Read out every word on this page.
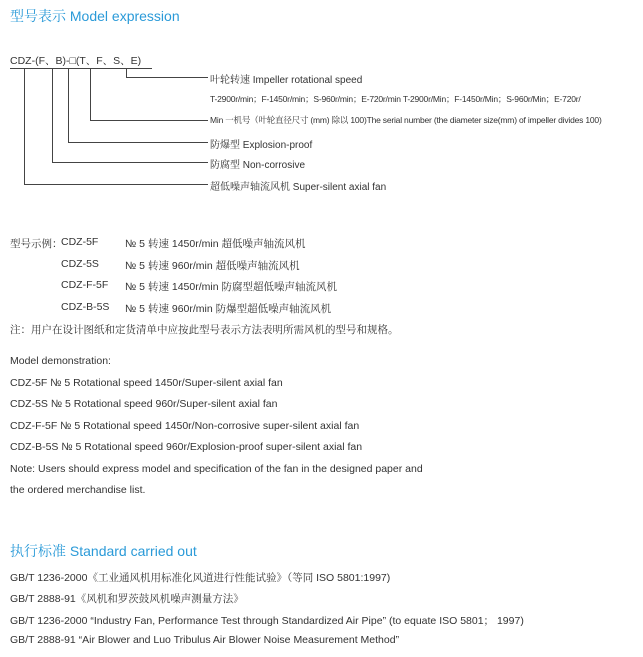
型号表示 Model expression
CDZ-(F、B)-□(T、F、S、E)
叶轮转速 Impeller rotational speed
T-2900r/min；F-1450r/min；S-960r/min；E-720r/min T-2900r/Min；F-1450r/Min；S-960r/Min；E-720r/
Min 一机号（叶轮直径尺寸 (mm) 除以 100)The serial number (the diameter size(mm) of impeller divides 100)
防爆型 Explosion-proof
防腐型 Non-corrosive
超低噪声轴流风机 Super-silent axial fan
型号示例：
CDZ-5F	№ 5 转速 1450r/min 超低噪声轴流风机
CDZ-5S № 5 转速 960r/min 超低噪声轴流风机
CDZ-F-5F № 5 转速 1450r/min 防腐型超低噪声轴流风机
CDZ-B-5S № 5 转速 960r/min 防爆型超低噪声轴流风机
注：用户在设计图纸和定货清单中应按此型号表示方法表明所需风机的型号和规格。
Model demonstration:
CDZ-5F № 5 Rotational speed 1450r/Super-silent axial fan
CDZ-5S № 5 Rotational speed 960r/Super-silent axial fan
CDZ-F-5F № 5 Rotational speed 1450r/Non-corrosive super-silent axial fan
CDZ-B-5S № 5 Rotational speed 960r/Explosion-proof super-silent axial fan
Note: Users should express model and specification of the fan in the designed paper and
the ordered merchandise list.
执行标准 Standard carried out
GB/T 1236-2000《工业通风机用标准化风道进行性能试验》（等同 ISO 5801:1997)
GB/T 2888-91《风机和罗茨鼓风机噪声测量方法》
GB/T 1236-2000 “Industry Fan, Performance Test through Standardized Air Pipe” (to equate ISO 5801； 1997)
GB/T 2888-91 “Air Blower and Luo Tribulus Air Blower Noise Measurement Method”
